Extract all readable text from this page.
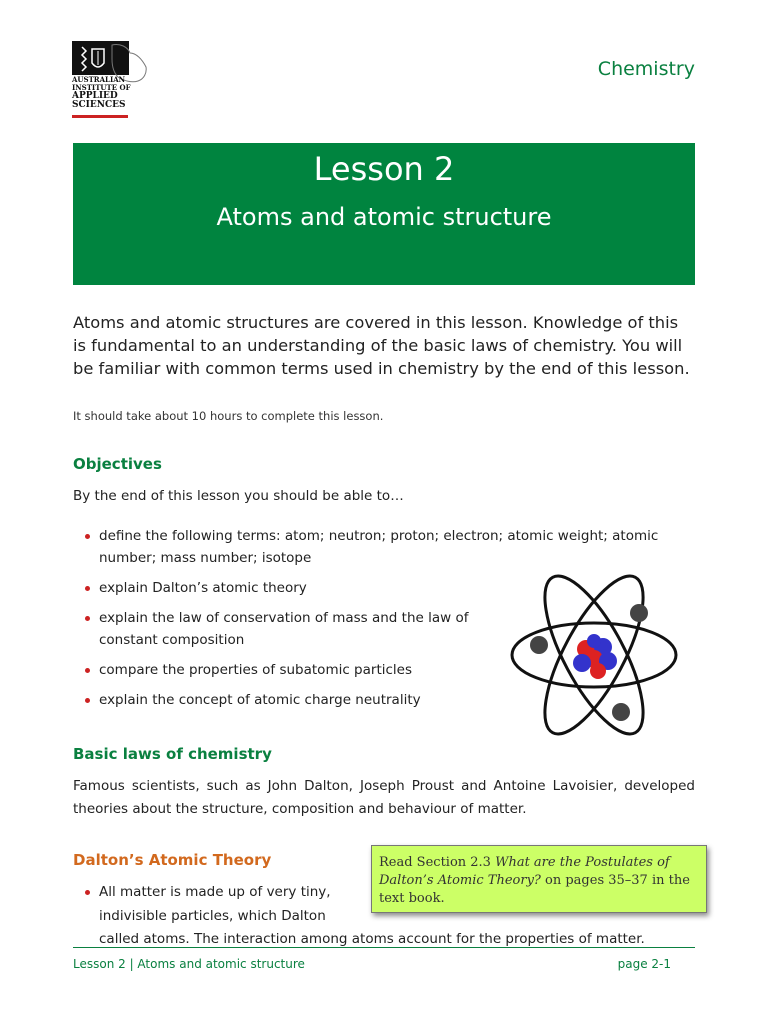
AUSTRALIAN
INSTITUTE OF
APPLIED
SCIENCES
Chemistry
Lesson 2
Atoms and atomic structure
Atoms and atomic structures are covered in this lesson. Knowledge of this is fundamental to an understanding of the basic laws of chemistry. You will be familiar with common terms used in chemistry by the end of this lesson.
It should take about 10 hours to complete this lesson.
Objectives
By the end of this lesson you should be able to…
define the following terms: atom; neutron; proton; electron; atomic weight; atomic number; mass number; isotope
explain Dalton’s atomic theory
explain the law of conservation of mass and the law of constant composition
compare the properties of subatomic particles
explain the concept of atomic charge neutrality
Basic laws of chemistry
Famous scientists, such as John Dalton, Joseph Proust and Antoine Lavoisier, developed theories about the structure, composition and behaviour of matter.
Dalton’s Atomic Theory	Read Section 2.3 What are the Postulates of Dalton’s Atomic Theory? on pages 35–37 in the text book.
All matter is made up of very tiny,
indivisible particles, which Dalton
called atoms. The interaction among atoms account for the properties of matter.
Lesson 2 | Atoms and atomic structure	page 2-1
